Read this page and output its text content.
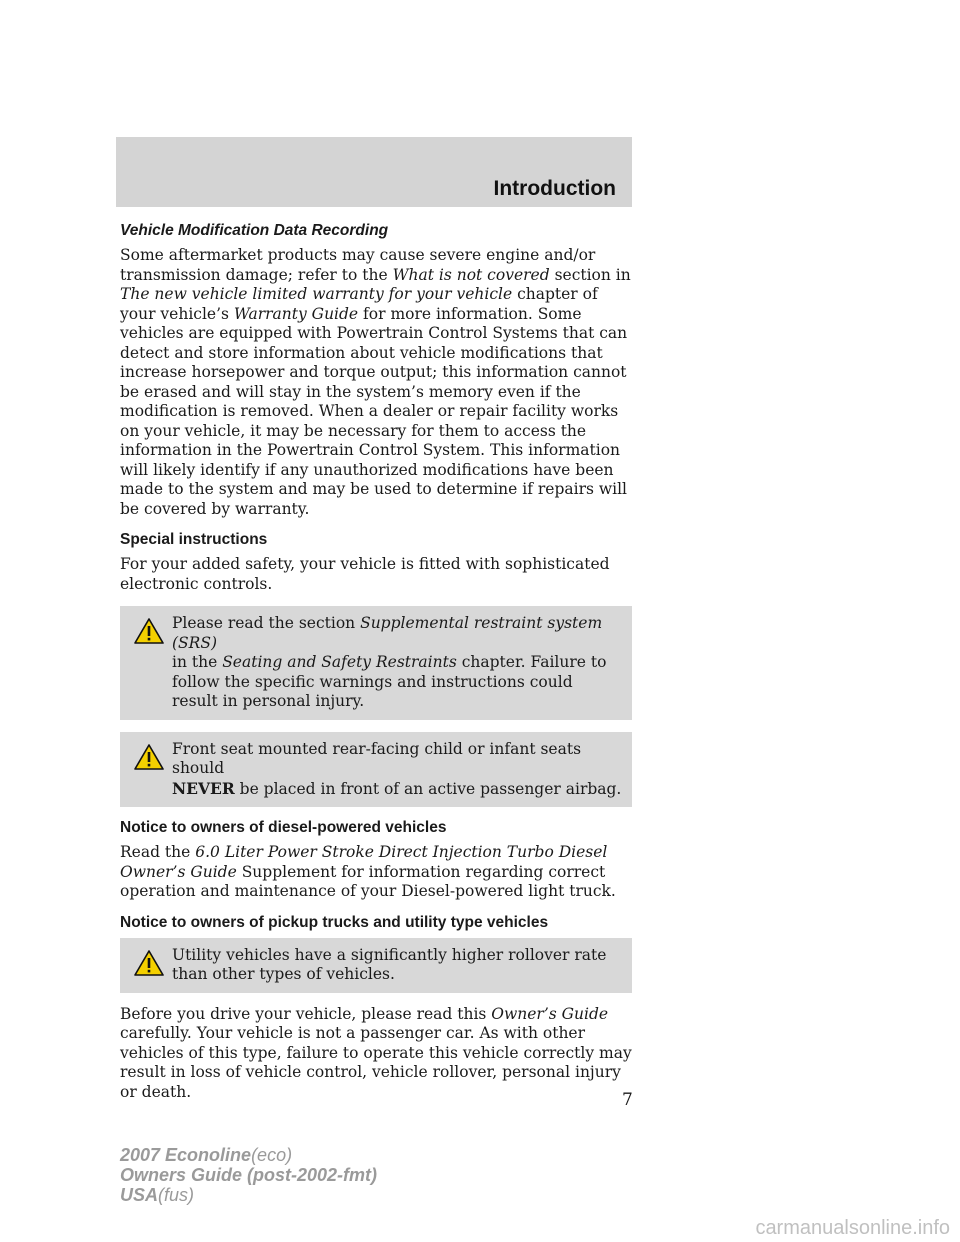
Introduction
Vehicle Modification Data Recording

Some aftermarket products may cause severe engine and/or transmission damage; refer to the What is not covered section in The new vehicle limited warranty for your vehicle chapter of your vehicle’s Warranty Guide for more information. Some vehicles are equipped with Powertrain Control Systems that can detect and store information about vehicle modifications that increase horsepower and torque output; this information cannot be erased and will stay in the system’s memory even if the modification is removed. When a dealer or repair facility works on your vehicle, it may be necessary for them to access the information in the Powertrain Control System. This information will likely identify if any unauthorized modifications have been made to the system and may be used to determine if repairs will be covered by warranty.

Special instructions

For your added safety, your vehicle is fitted with sophisticated electronic controls.

Please read the section Supplemental restraint system (SRS)
in the Seating and Safety Restraints chapter. Failure to follow the specific warnings and instructions could result in personal injury.

Front seat mounted rear-facing child or infant seats should
NEVER be placed in front of an active passenger airbag.

Notice to owners of diesel-powered vehicles

Read the 6.0 Liter Power Stroke Direct Injection Turbo Diesel Owner’s Guide Supplement for information regarding correct operation and maintenance of your Diesel-powered light truck.

Notice to owners of pickup trucks and utility type vehicles

Utility vehicles have a significantly higher rollover rate than other types of vehicles.

Before you drive your vehicle, please read this Owner’s Guide carefully. Your vehicle is not a passenger car. As with other vehicles of this type, failure to operate this vehicle correctly may result in loss of vehicle control, vehicle rollover, personal injury or death.	7
2007 Econoline(eco)
Owners Guide (post-2002-fmt)
USA(fus)
carmanualsonline.info
